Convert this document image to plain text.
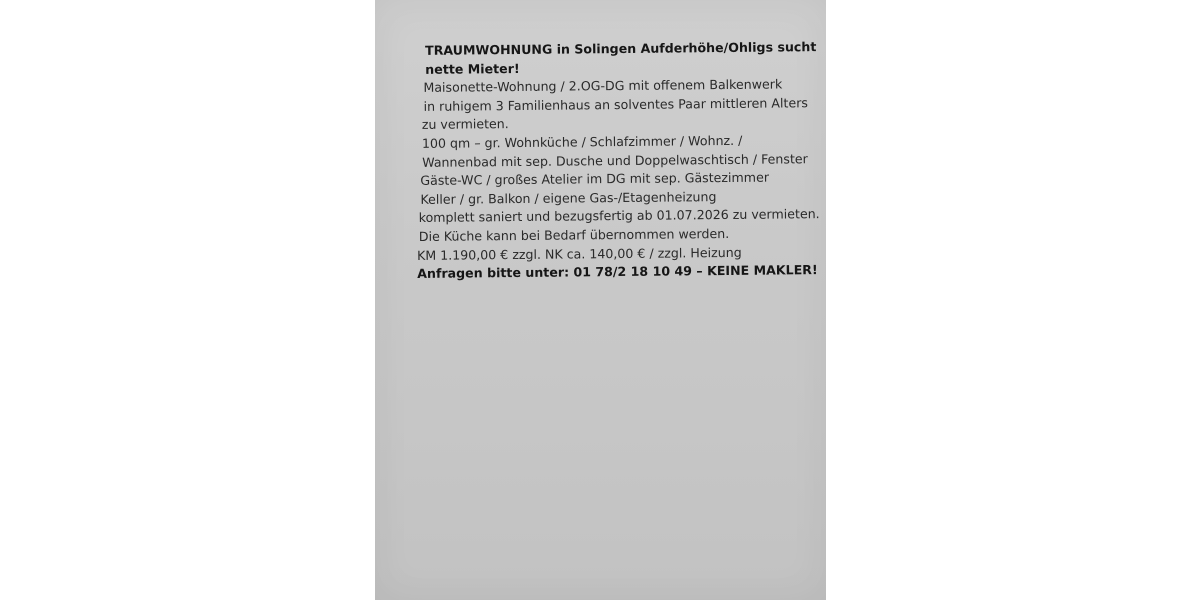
TRAUMWOHNUNG in Solingen Aufderhöhe/Ohligs sucht
nette Mieter!
Maisonette-Wohnung / 2.OG-DG mit offenem Balkenwerk
in ruhigem 3 Familienhaus an solventes Paar mittleren Alters
zu vermieten.
100 qm – gr. Wohnküche / Schlafzimmer / Wohnz. /
Wannenbad mit sep. Dusche und Doppelwaschtisch / Fenster
Gäste-WC / großes Atelier im DG mit sep. Gästezimmer
Keller / gr. Balkon / eigene Gas-/Etagenheizung
komplett saniert und bezugsfertig ab 01.07.2026 zu vermieten.
Die Küche kann bei Bedarf übernommen werden.
KM 1.190,00 € zzgl. NK ca. 140,00 € / zzgl. Heizung
Anfragen bitte unter: 01 78/2 18 10 49 – KEINE MAKLER!
